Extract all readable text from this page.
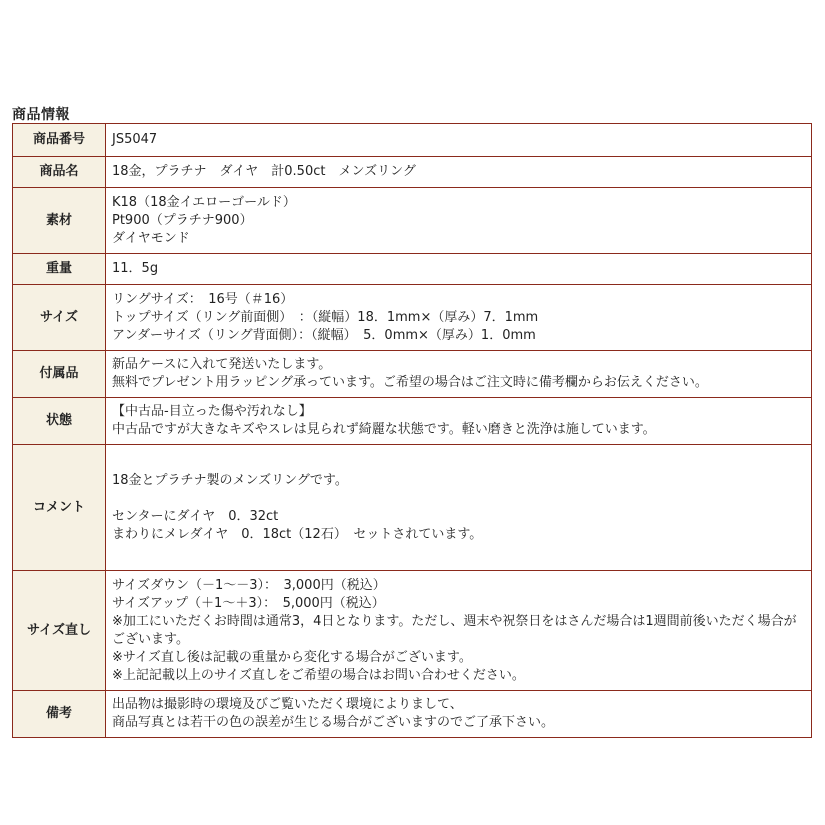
商品情報
商品番号	JS5047

商品名	18金，プラチナ　ダイヤ　計0.50ct　メンズリング

素材	K18（18金イエローゴールド）
Pt900（プラチナ900）
ダイヤモンド

重量	11．5g

サイズ	リングサイズ：　16号（＃16）
トップサイズ（リング前面側）　：（縦幅）18．1mm×（厚み）7．1mm
アンダーサイズ（リング背面側）：（縦幅）　5．0mm×（厚み）1．0mm

付属品	新品ケースに入れて発送いたします。
無料でプレゼント用ラッピング承っています。ご希望の場合はご注文時に備考欄からお伝えください。

状態	【中古品-目立った傷や汚れなし】
中古品ですが大きなキズやスレは見られず綺麗な状態です。軽い磨きと洗浄は施しています。

コメント	18金とプラチナ製のメンズリングです。
センターにダイヤ　0．32ct
まわりにメレダイヤ　0．18ct（12石）　セットされています。

サイズ直し	サイズダウン（－1～－3）：　3,000円（税込）
サイズアップ（＋1～＋3）：　5,000円（税込）
※加工にいただくお時間は通常3，4日となります。ただし、週末や祝祭日をはさんだ場合は1週間前後いただく場合がございます。
※サイズ直し後は記載の重量から変化する場合がございます。
※上記記載以上のサイズ直しをご希望の場合はお問い合わせください。

備考	出品物は撮影時の環境及びご覧いただく環境によりまして、
商品写真とは若干の色の誤差が生じる場合がございますのでご了承下さい。
